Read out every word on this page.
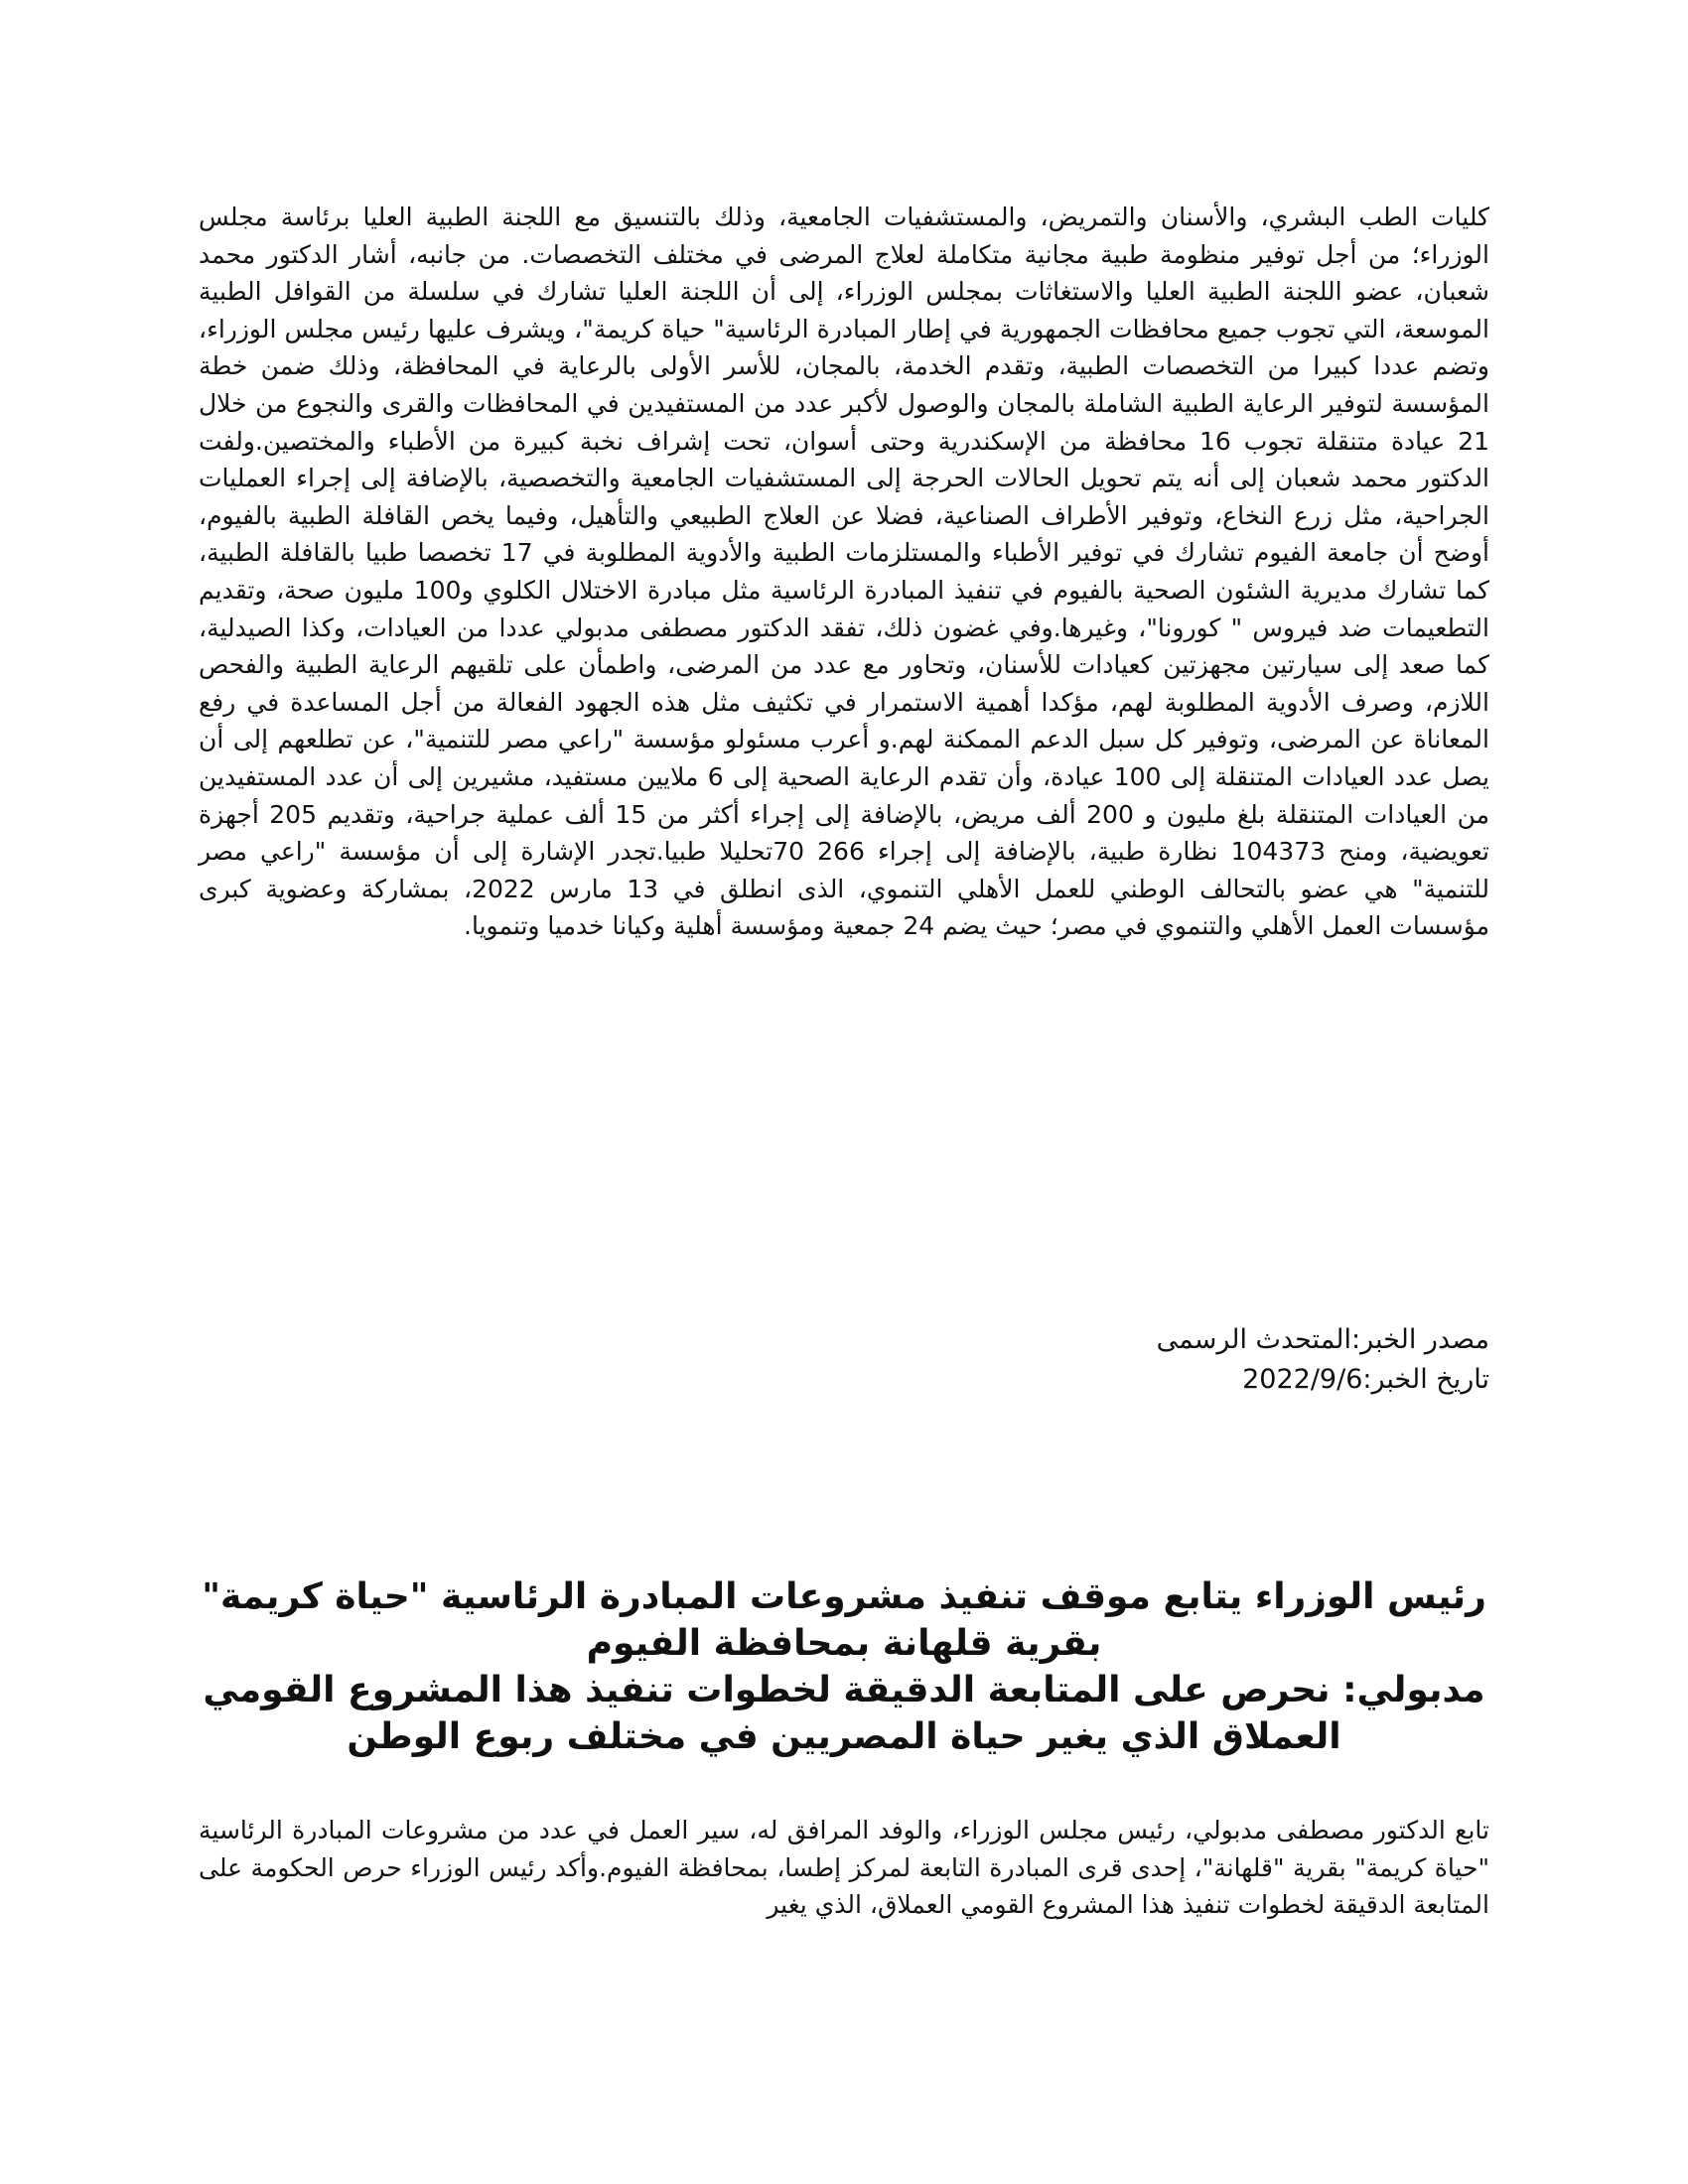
كليات الطب البشري، والأسنان والتمريض، والمستشفيات الجامعية، وذلك بالتنسيق مع اللجنة الطبية العليا برئاسة مجلس الوزراء؛ من أجل توفير منظومة طبية مجانية متكاملة لعلاج المرضى في مختلف التخصصات. من جانبه، أشار الدكتور محمد شعبان، عضو اللجنة الطبية العليا والاستغاثات بمجلس الوزراء، إلى أن اللجنة العليا تشارك في سلسلة من القوافل الطبية الموسعة، التي تجوب جميع محافظات الجمهورية في إطار المبادرة الرئاسية" حياة كريمة"، ويشرف عليها رئيس مجلس الوزراء، وتضم عددا كبيرا من التخصصات الطبية، وتقدم الخدمة، بالمجان، للأسر الأولى بالرعاية في المحافظة، وذلك ضمن خطة المؤسسة لتوفير الرعاية الطبية الشاملة بالمجان والوصول لأكبر عدد من المستفيدين في المحافظات والقرى والنجوع من خلال 21 عيادة متنقلة تجوب 16 محافظة من الإسكندرية وحتى أسوان، تحت إشراف نخبة كبيرة من الأطباء والمختصين.ولفت الدكتور محمد شعبان إلى أنه يتم تحويل الحالات الحرجة إلى المستشفيات الجامعية والتخصصية، بالإضافة إلى إجراء العمليات الجراحية، مثل زرع النخاع، وتوفير الأطراف الصناعية، فضلا عن العلاج الطبيعي والتأهيل، وفيما يخص القافلة الطبية بالفيوم، أوضح أن جامعة الفيوم تشارك في توفير الأطباء والمستلزمات الطبية والأدوية المطلوبة في 17 تخصصا طبيا بالقافلة الطبية، كما تشارك مديرية الشئون الصحية بالفيوم في تنفيذ المبادرة الرئاسية مثل مبادرة الاختلال الكلوي و100 مليون صحة، وتقديم التطعيمات ضد فيروس " كورونا"، وغيرها.وفي غضون ذلك، تفقد الدكتور مصطفى مدبولي عددا من العيادات، وكذا الصيدلية، كما صعد إلى سيارتين مجهزتين كعيادات للأسنان، وتحاور مع عدد من المرضى، واطمأن على تلقيهم الرعاية الطبية والفحص اللازم، وصرف الأدوية المطلوبة لهم، مؤكدا أهمية الاستمرار في تكثيف مثل هذه الجهود الفعالة من أجل المساعدة في رفع المعاناة عن المرضى، وتوفير كل سبل الدعم الممكنة لهم.و أعرب مسئولو مؤسسة "راعي مصر للتنمية"، عن تطلعهم إلى أن يصل عدد العيادات المتنقلة إلى 100 عيادة، وأن تقدم الرعاية الصحية إلى 6 ملايين مستفيد، مشيرين إلى أن عدد المستفيدين من العيادات المتنقلة بلغ مليون و 200 ألف مريض، بالإضافة إلى إجراء أكثر من 15 ألف عملية جراحية، وتقديم 205 أجهزة تعويضية، ومنح 104373 نظارة طبية، بالإضافة إلى إجراء 266 70تحليلا طبيا.تجدر الإشارة إلى أن مؤسسة "راعي مصر للتنمية" هي عضو بالتحالف الوطني للعمل الأهلي التنموي، الذى انطلق في 13 مارس 2022، بمشاركة وعضوية كبرى مؤسسات العمل الأهلي والتنموي في مصر؛ حيث يضم 24 جمعية ومؤسسة أهلية وكيانا خدميا وتنمويا.

مصدر الخبر:المتحدث الرسمى
تاريخ الخبر:2022/9/6
رئيس الوزراء يتابع موقف تنفيذ مشروعات المبادرة الرئاسية "حياة كريمة"
بقرية قلهانة بمحافظة الفيوم
مدبولي: نحرص على المتابعة الدقيقة لخطوات تنفيذ هذا المشروع القومي
العملاق الذي يغير حياة المصريين في مختلف ربوع الوطن

تابع الدكتور مصطفى مدبولي، رئيس مجلس الوزراء، والوفد المرافق له، سير العمل في عدد من مشروعات المبادرة الرئاسية "حياة كريمة" بقرية "قلهانة"، إحدى قرى المبادرة التابعة لمركز إطسا، بمحافظة الفيوم.وأكد رئيس الوزراء حرص الحكومة على المتابعة الدقيقة لخطوات تنفيذ هذا المشروع القومي العملاق، الذي يغير
